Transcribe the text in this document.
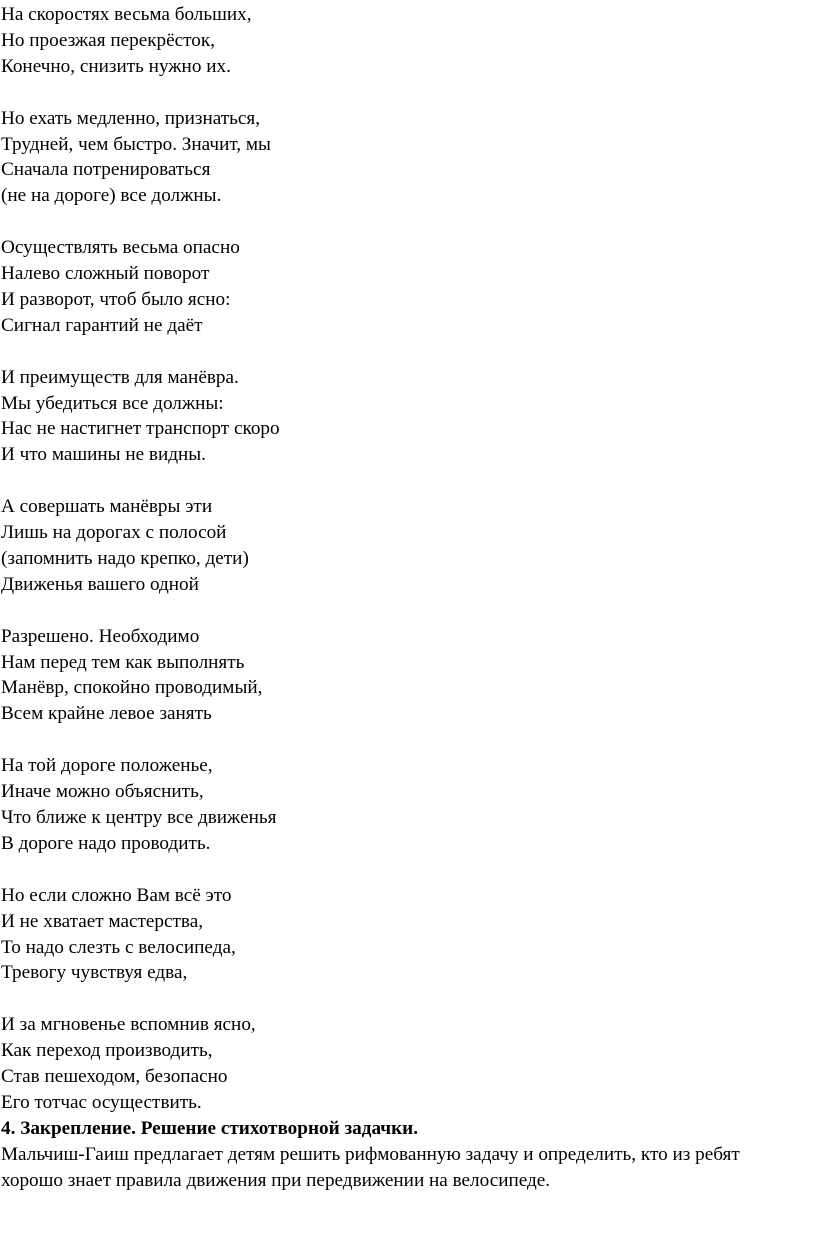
На скоростях весьма больших,
Но проезжая перекрёсток,
Конечно, снизить нужно их.
Но ехать медленно, признаться,
Трудней, чем быстро. Значит, мы
Сначала потренироваться
(не на дороге) все должны.
Осуществлять весьма опасно
Налево сложный поворот
И разворот, чтоб было ясно:
Сигнал гарантий не даёт
И преимуществ для манёвра.
Мы убедиться все должны:
Нас не настигнет транспорт скоро
И что машины не видны.
А совершать манёвры эти
Лишь на дорогах с полосой
(запомнить надо крепко, дети)
Движенья вашего одной
Разрешено. Необходимо
Нам перед тем как выполнять
Манёвр, спокойно проводимый,
Всем крайне левое занять
На той дороге положенье,
Иначе можно объяснить,
Что ближе к центру все движенья
В дороге надо проводить.
Но если сложно Вам всё это
И не хватает мастерства,
То надо слезть с велосипеда,
Тревогу чувствуя едва,
И за мгновенье вспомнив ясно,
Как переход производить,
Став пешеходом, безопасно
Его тотчас осуществить.
4. Закрепление. Решение стихотворной задачки.
Мальчиш-Гаиш предлагает детям решить рифмованную задачу и определить, кто из ребят
хорошо знает правила движения при передвижении на велосипеде.
